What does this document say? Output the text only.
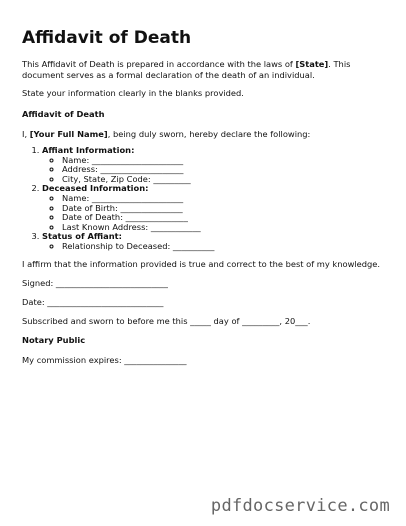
Affidavit of Death

This Affidavit of Death is prepared in accordance with the laws of [State]. This document serves as a formal declaration of the death of an individual.

State your information clearly in the blanks provided.

Affidavit of Death

I, [Your Full Name], being duly sworn, hereby declare the following:

1. Affiant Information:
◦ Name: ______________________
◦ Address: ____________________
◦ City, State, Zip Code: _________
2. Deceased Information:
◦ Name: ______________________
◦ Date of Birth: _______________
◦ Date of Death: _______________
◦ Last Known Address: ____________
3. Status of Affiant:
◦ Relationship to Deceased: __________

I affirm that the information provided is true and correct to the best of my knowledge.

Signed: ___________________________

Date: ____________________________

Subscribed and sworn to before me this _____ day of _________, 20___.

Notary Public

My commission expires: _______________

pdfdocservice.com
